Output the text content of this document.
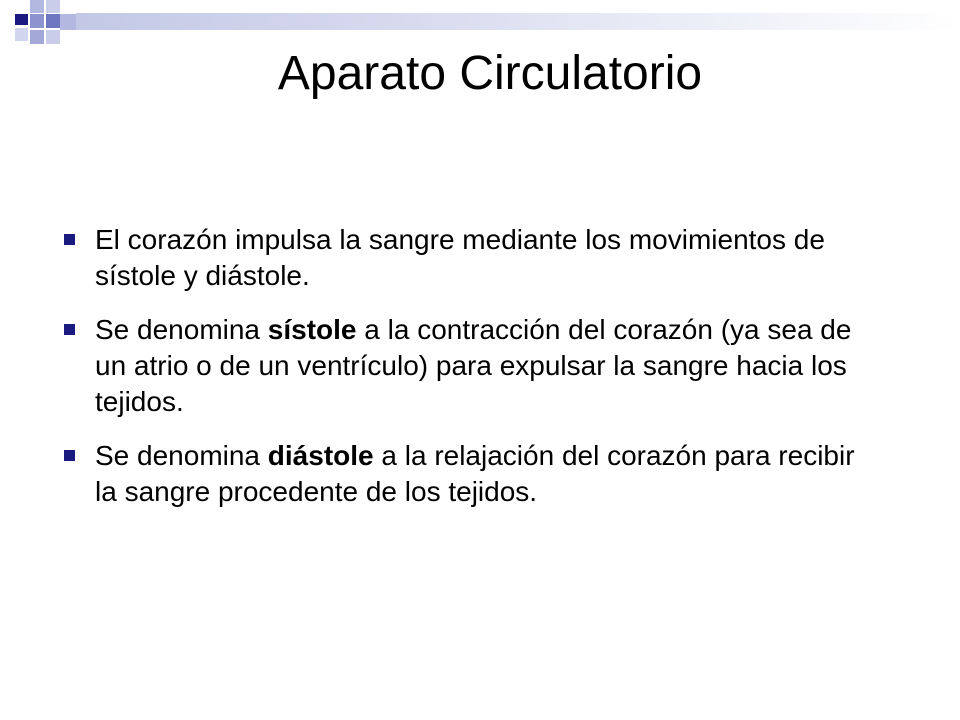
Aparato Circulatorio
El corazón impulsa la sangre mediante los movimientos de sístole y diástole.
Se denomina sístole a la contracción del corazón (ya sea de un atrio o de un ventrículo) para expulsar la sangre hacia los tejidos.
Se denomina diástole a la relajación del corazón para recibir la sangre procedente de los tejidos.
